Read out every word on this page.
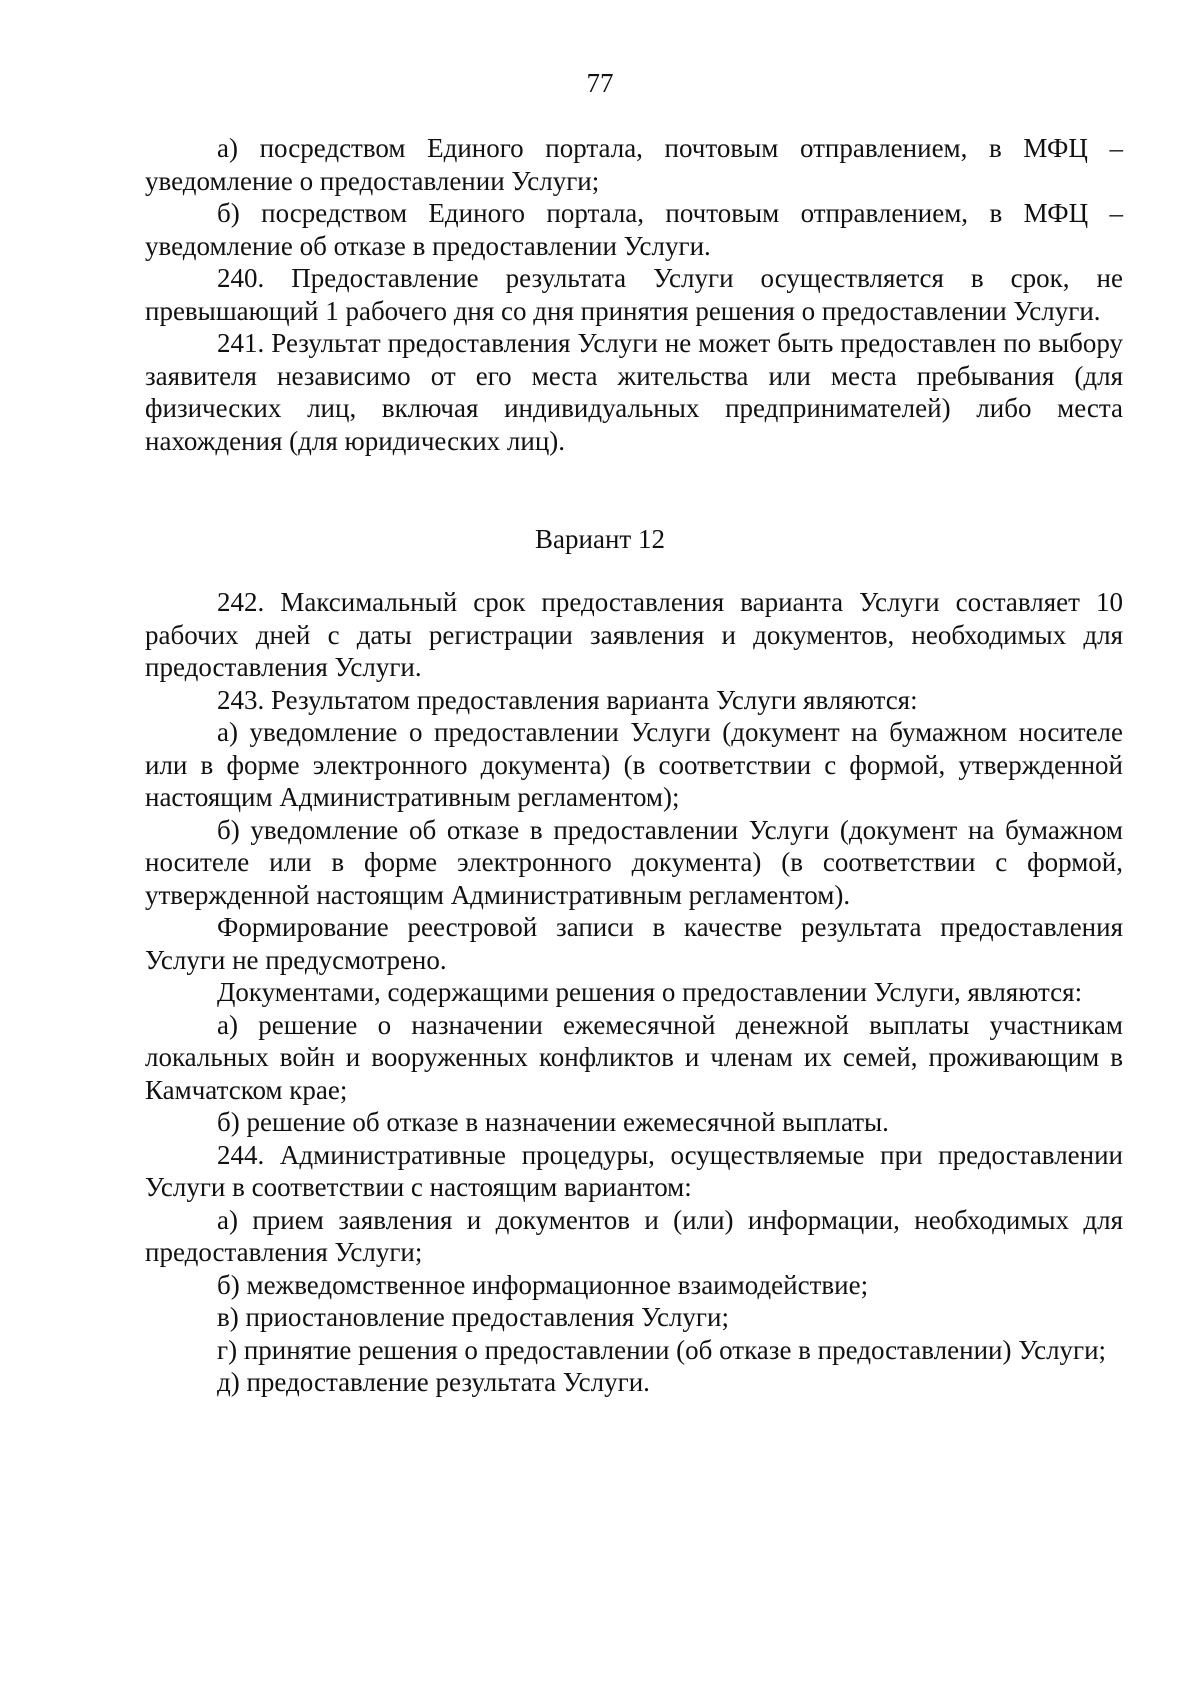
77

а) посредством Единого портала, почтовым отправлением, в МФЦ – уведомление о предоставлении Услуги;

б) посредством Единого портала, почтовым отправлением, в МФЦ – уведомление об отказе в предоставлении Услуги.

240. Предоставление результата Услуги осуществляется в срок, не превышающий 1 рабочего дня со дня принятия решения о предоставлении Услуги.

241. Результат предоставления Услуги не может быть предоставлен по выбору заявителя независимо от его места жительства или места пребывания (для физических лиц, включая индивидуальных предпринимателей) либо места нахождения (для юридических лиц).

Вариант 12

242. Максимальный срок предоставления варианта Услуги составляет 10 рабочих дней с даты регистрации заявления и документов, необходимых для предоставления Услуги.

243. Результатом предоставления варианта Услуги являются:

а) уведомление о предоставлении Услуги (документ на бумажном носителе или в форме электронного документа) (в соответствии с формой, утвержденной настоящим Административным регламентом);

б) уведомление об отказе в предоставлении Услуги (документ на бумажном носителе или в форме электронного документа) (в соответствии с формой, утвержденной настоящим Административным регламентом).

Формирование реестровой записи в качестве результата предоставления Услуги не предусмотрено.

Документами, содержащими решения о предоставлении Услуги, являются:

а) решение о назначении ежемесячной денежной выплаты участникам локальных войн и вооруженных конфликтов и членам их семей, проживающим в Камчатском крае;

б) решение об отказе в назначении ежемесячной выплаты.

244. Административные процедуры, осуществляемые при предоставлении Услуги в соответствии с настоящим вариантом:

а) прием заявления и документов и (или) информации, необходимых для предоставления Услуги;

б) межведомственное информационное взаимодействие;

в) приостановление предоставления Услуги;

г) принятие решения о предоставлении (об отказе в предоставлении) Услуги;

д) предоставление результата Услуги.
